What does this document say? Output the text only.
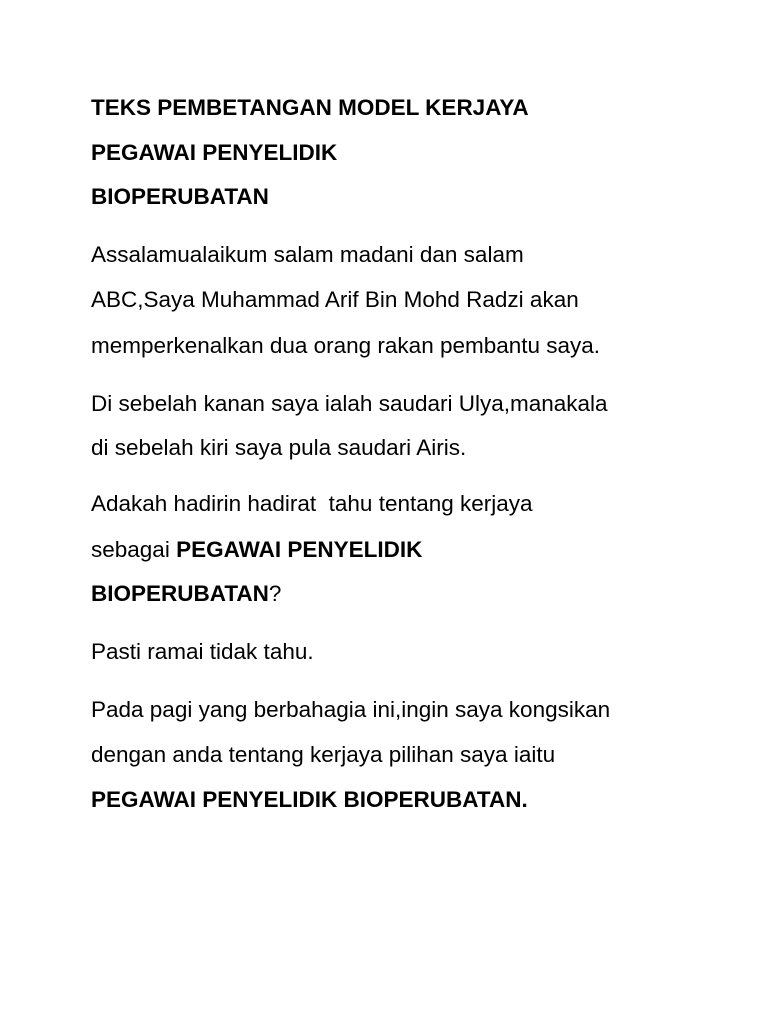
TEKS PEMBETANGAN MODEL KERJAYA

PEGAWAI PENYELIDIK

BIOPERUBATAN

Assalamualaikum salam madani dan salam

ABC,Saya Muhammad Arif Bin Mohd Radzi akan

memperkenalkan dua orang rakan pembantu saya.

Di sebelah kanan saya ialah saudari Ulya,manakala

di sebelah kiri saya pula saudari Airis.

Adakah hadirin hadirat  tahu tentang kerjaya

sebagai PEGAWAI PENYELIDIK

BIOPERUBATAN?

Pasti ramai tidak tahu.

Pada pagi yang berbahagia ini,ingin saya kongsikan

dengan anda tentang kerjaya pilihan saya iaitu

PEGAWAI PENYELIDIK BIOPERUBATAN.
